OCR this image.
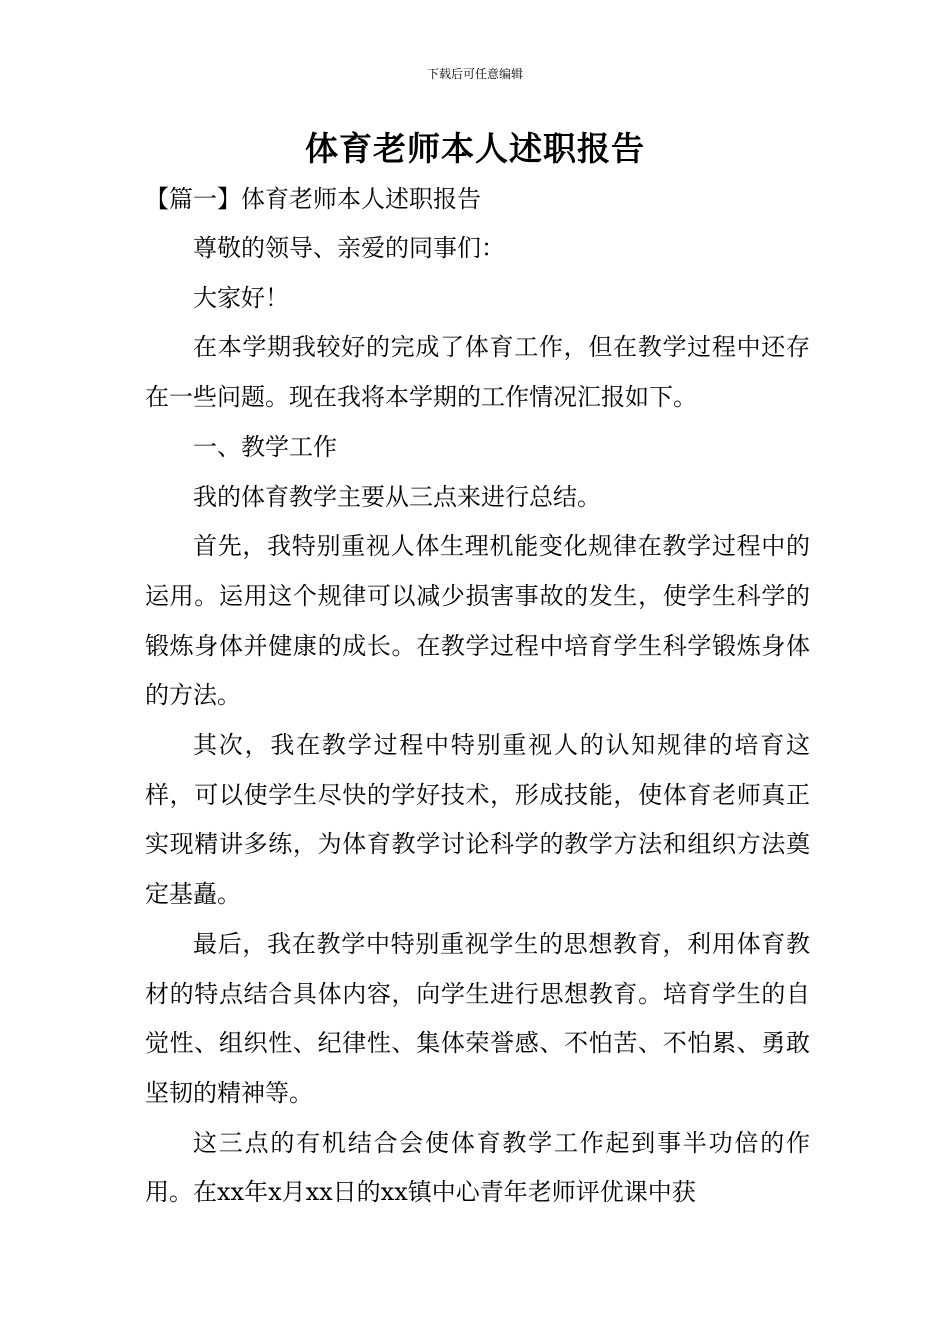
下载后可任意编辑
体育老师本人述职报告
【篇一】体育老师本人述职报告

尊敬的领导、亲爱的同事们：

大家好！

在本学期我较好的完成了体育工作，但在教学过程中还存在一些问题。现在我将本学期的工作情况汇报如下。

一、教学工作

我的体育教学主要从三点来进行总结。

首先，我特别重视人体生理机能变化规律在教学过程中的运用。运用这个规律可以减少损害事故的发生，使学生科学的锻炼身体并健康的成长。在教学过程中培育学生科学锻炼身体的方法。

其次，我在教学过程中特别重视人的认知规律的培育这样，可以使学生尽快的学好技术，形成技能，使体育老师真正实现精讲多练，为体育教学讨论科学的教学方法和组织方法奠定基矗。

最后，我在教学中特别重视学生的思想教育，利用体育教材的特点结合具体内容，向学生进行思想教育。培育学生的自觉性、组织性、纪律性、集体荣誉感、不怕苦、不怕累、勇敢坚韧的精神等。

这三点的有机结合会使体育教学工作起到事半功倍的作用。在xx年x月xx日的xx镇中心青年老师评优课中获
